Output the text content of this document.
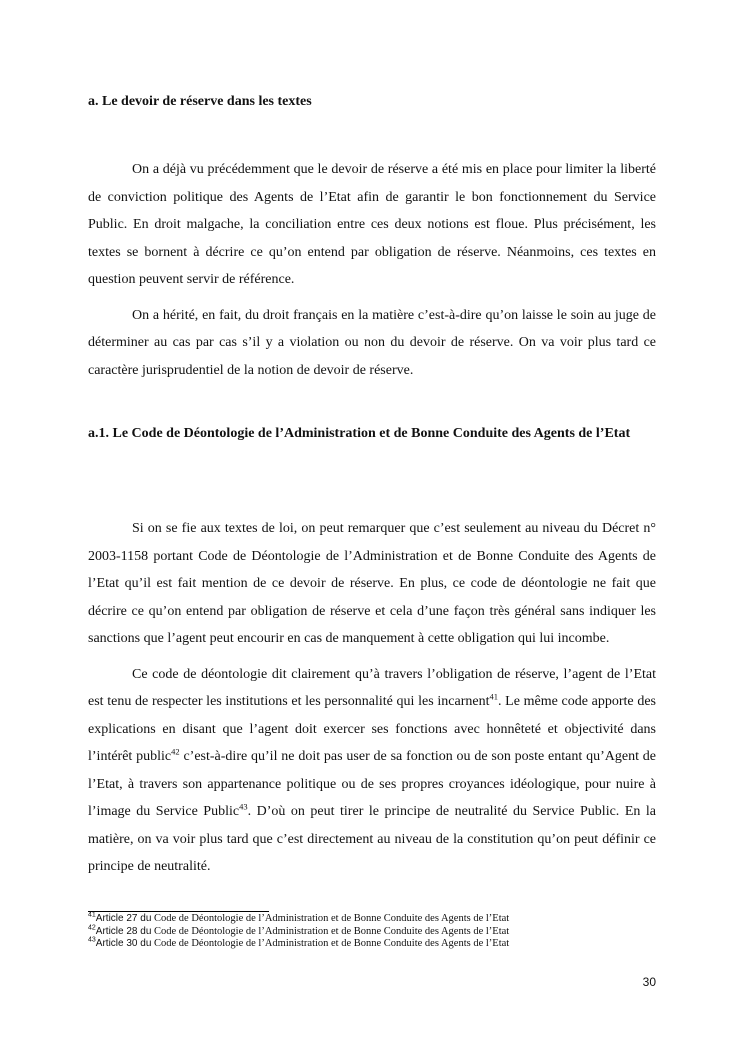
a. Le devoir de réserve dans les textes

On a déjà vu précédemment que le devoir de réserve a été mis en place pour limiter la liberté de conviction politique des Agents de l’Etat afin de garantir le bon fonctionnement du Service Public. En droit malgache, la conciliation entre ces deux notions est floue. Plus précisément, les textes se bornent à décrire ce qu’on entend par obligation de réserve. Néanmoins, ces textes en question peuvent servir de référence.

On a hérité, en fait, du droit français en la matière c’est-à-dire qu’on laisse le soin au juge de déterminer au cas par cas s’il y a violation ou non du devoir de réserve. On va voir plus tard ce caractère jurisprudentiel de la notion de devoir de réserve.

a.1. Le Code de Déontologie de l’Administration et de Bonne Conduite des Agents de l’Etat

Si on se fie aux textes de loi, on peut remarquer que c’est seulement au niveau du Décret n° 2003-1158 portant Code de Déontologie de l’Administration et de Bonne Conduite des Agents de l’Etat qu’il est fait mention de ce devoir de réserve. En plus, ce code de déontologie ne fait que décrire ce qu’on entend par obligation de réserve et cela d’une façon très général sans indiquer les sanctions que l’agent peut encourir en cas de manquement à cette obligation qui lui incombe.

Ce code de déontologie dit clairement qu’à travers l’obligation de réserve, l’agent de l’Etat est tenu de respecter les institutions et les personnalité qui les incarnent$^{41}$. Le même code apporte des explications en disant que l’agent doit exercer ses fonctions avec honnêteté et objectivité dans l’intérêt public$^{42}$ c’est-à-dire qu’il ne doit pas user de sa fonction ou de son poste entant qu’Agent de l’Etat, à travers son appartenance politique ou de ses propres croyances idéologique, pour nuire à l’image du Service Public$^{43}$. D’où on peut tirer le principe de neutralité du Service Public. En la matière, on va voir plus tard que c’est directement au niveau de la constitution qu’on peut définir ce principe de neutralité.

$^{41}$Article 27 du Code de Déontologie de l’Administration et de Bonne Conduite des Agents de l’Etat
$^{42}$Article 28 du Code de Déontologie de l’Administration et de Bonne Conduite des Agents de l’Etat
$^{43}$Article 30 du Code de Déontologie de l’Administration et de Bonne Conduite des Agents de l’Etat
30
